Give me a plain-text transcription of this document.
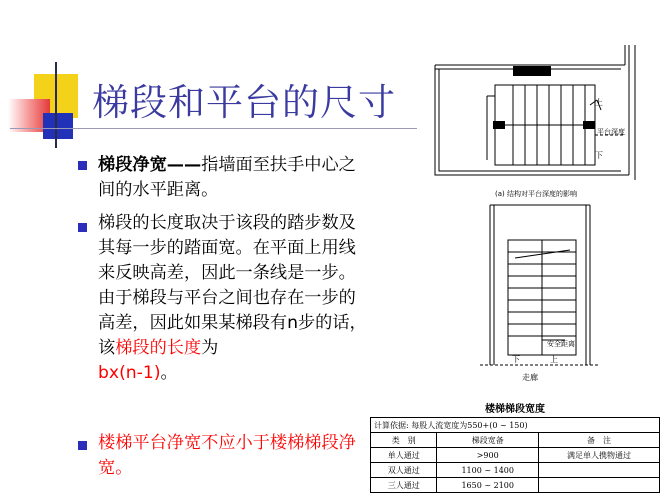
梯段和平台的尺寸
梯段净宽——指墙面至扶手中心之间的水平距离。
梯段的长度取决于该段的踏步数及其每一步的踏面宽。在平面上用线来反映高差，因此一条线是一步。由于梯段与平台之间也存在一步的高差，因此如果某梯段有n步的话，该梯段的长度为
bx(n-1)。
楼梯平台净宽不应小于楼梯梯段净宽。
上
平台深度
下
(a) 结构对平台深度的影响
安全距离
下	上
走廊
楼梯梯段宽度
计算依据: 每股人流宽度为550+(0 ~ 150)		
类　别	梯段宽备	备　注
单人通过	>900	满足单人携物通过
双人通过	1100 ~ 1400	
三人通过	1650 ~ 2100	
